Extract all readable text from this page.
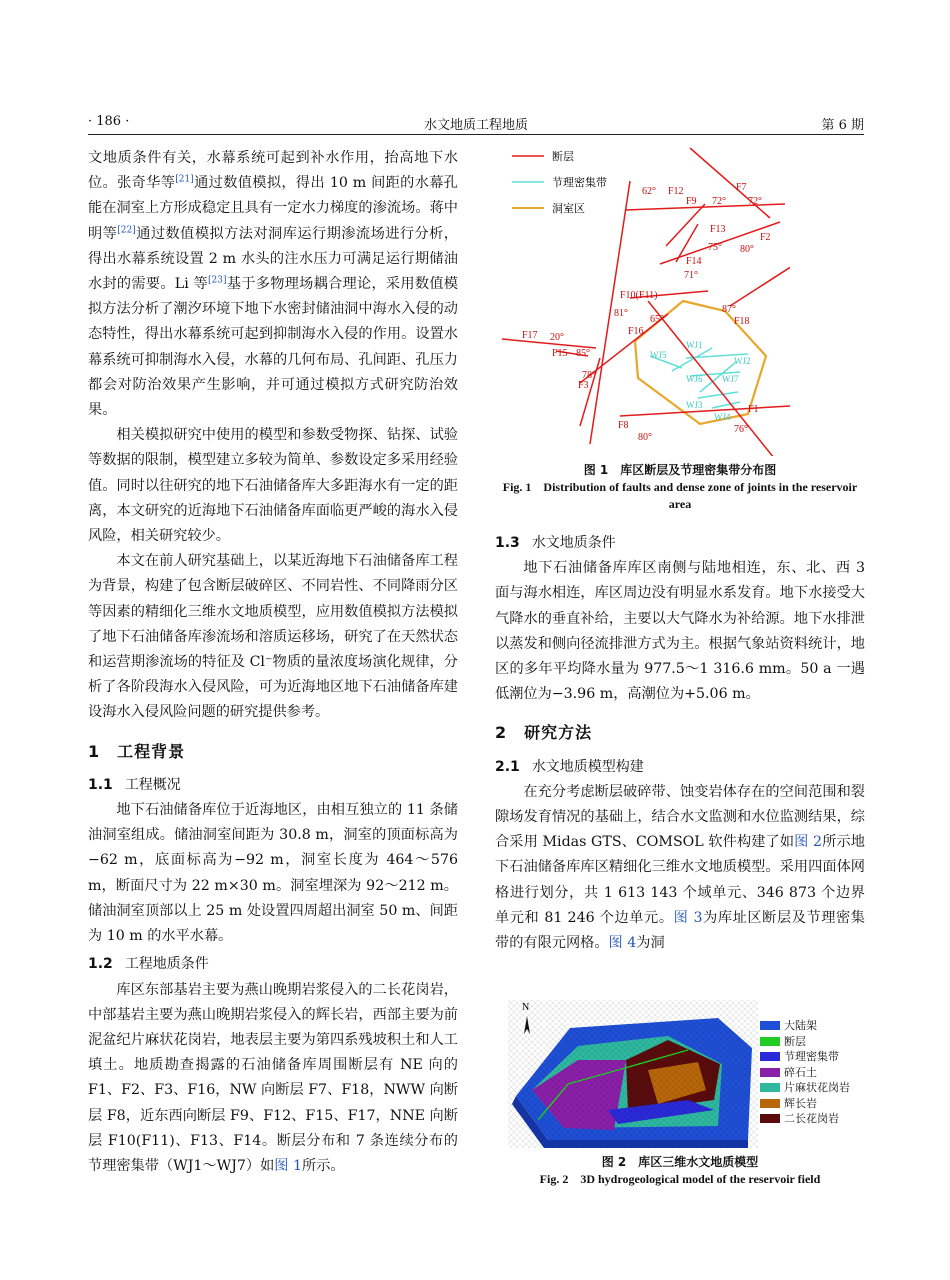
· 186 ·	水文地质工程地质	第 6 期

文地质条件有关，水幕系统可起到补水作用，抬高地下水位。张奇华等[21]通过数值模拟，得出 10 m 间距的水幕孔能在洞室上方形成稳定且具有一定水力梯度的渗流场。蒋中明等[22]通过数值模拟方法对洞库运行期渗流场进行分析，得出水幕系统设置 2 m 水头的注水压力可满足运行期储油水封的需要。Li 等[23]基于多物理场耦合理论，采用数值模拟方法分析了潮汐环境下地下水密封储油洞中海水入侵的动态特性，得出水幕系统可起到抑制海水入侵的作用。设置水幕系统可抑制海水入侵，水幕的几何布局、孔间距、孔压力都会对防治效果产生影响，并可通过模拟方式研究防治效果。

相关模拟研究中使用的模型和参数受物探、钻探、试验等数据的限制，模型建立多较为简单、参数设定多采用经验值。同时以往研究的地下石油储备库大多距海水有一定的距离，本文研究的近海地下石油储备库面临更严峻的海水入侵风险，相关研究较少。

本文在前人研究基础上，以某近海地下石油储备库工程为背景，构建了包含断层破碎区、不同岩性、不同降雨分区等因素的精细化三维水文地质模型，应用数值模拟方法模拟了地下石油储备库渗流场和溶质运移场，研究了在天然状态和运营期渗流场的特征及 Cl⁻物质的量浓度场演化规律，分析了各阶段海水入侵风险，可为近海地区地下石油储备库建设海水入侵风险问题的研究提供参考。

1　工程背景
1.1 工程概况

地下石油储备库位于近海地区，由相互独立的 11 条储油洞室组成。储油洞室间距为 30.8 m，洞室的顶面标高为−62 m，底面标高为−92 m，洞室长度为 464～576 m，断面尺寸为 22 m×30 m。洞室埋深为 92～212 m。储油洞室顶部以上 25 m 处设置四周超出洞室 50 m、间距为 10 m 的水平水幕。

1.2 工程地质条件

库区东部基岩主要为燕山晚期岩浆侵入的二长花岗岩，中部基岩主要为燕山晚期岩浆侵入的辉长岩，西部主要为前泥盆纪片麻状花岗岩，地表层主要为第四系残坡积土和人工填土。地质勘查揭露的石油储备库周围断层有 NE 向的 F1、F2、F3、F16，NW 向断层 F7、F18，NWW 向断层 F8，近东西向断层 F9、F12、F15、F17，NNE 向断层 F10(F11)、F13、F14。断层分布和 7 条连续分布的节理密集带（WJ1～WJ7）如图 1所示。

断层
节理密集带
洞室区
F7
F12
62°
F9 72° 72°
F13
75° 80°
F2
F14
71°
F10(F11)
81°
65°
87°
F18
F16
F17 20°
F15 85°
78°
F3
WJ1
WJ5
WJ2
WJ6 WJ7
WJ3
WJ4
F1
76°
F8
80°
图 1　库区断层及节理密集带分布图
Fig. 1　Distribution of faults and dense zone of joints in the reservoir area
1.3 水文地质条件

地下石油储备库库区南侧与陆地相连，东、北、西 3 面与海水相连，库区周边没有明显水系发育。地下水接受大气降水的垂直补给，主要以大气降水为补给源。地下水排泄以蒸发和侧向径流排泄方式为主。根据气象站资料统计，地区的多年平均降水量为 977.5～1 316.6 mm。50 a 一遇低潮位为−3.96 m，高潮位为+5.06 m。

2　研究方法
2.1 水文地质模型构建

在充分考虑断层破碎带、蚀变岩体存在的空间范围和裂隙场发育情况的基础上，结合水文监测和水位监测结果，综合采用 Midas GTS、COMSOL 软件构建了如图 2所示地下石油储备库库区精细化三维水文地质模型。采用四面体网格进行划分，共 1 613 143 个域单元、346 873 个边界单元和 81 246 个边单元。图 3为库址区断层及节理密集带的有限元网格。图 4为洞

大陆架
断层
节理密集带
碎石土
片麻状花岗岩
辉长岩
二长花岗岩
图 2　库区三维水文地质模型
Fig. 2　3D hydrogeological model of the reservoir field
